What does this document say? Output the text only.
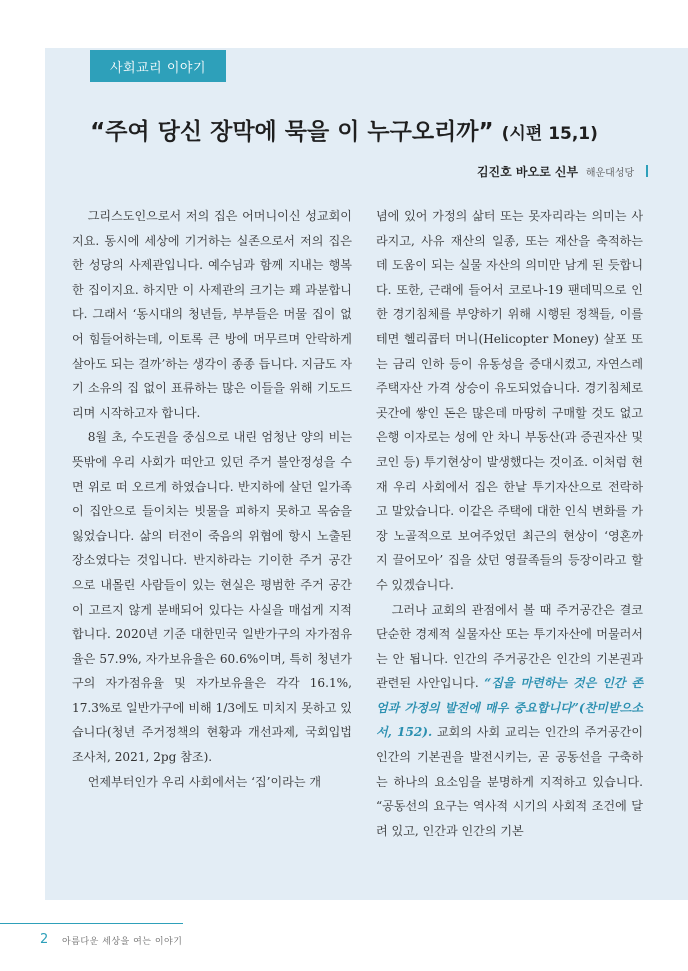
사회교리 이야기
“주여 당신 장막에 묵을 이 누구오리까” (시편 15,1)
김진호 바오로 신부 해운대성당

그리스도인으로서 저의 집은 어머니이신 성교회이지요. 동시에 세상에 기거하는 실존으로서 저의 집은 한 성당의 사제관입니다. 예수님과 함께 지내는 행복한 집이지요. 하지만 이 사제관의 크기는 꽤 과분합니다. 그래서 ‘동시대의 청년들, 부부들은 머물 집이 없어 힘들어하는데, 이토록 큰 방에 머무르며 안락하게 살아도 되는 걸까’하는 생각이 종종 듭니다. 지금도 자기 소유의 집 없이 표류하는 많은 이들을 위해 기도드리며 시작하고자 합니다.

8월 초, 수도권을 중심으로 내린 엄청난 양의 비는 뜻밖에 우리 사회가 떠안고 있던 주거 불안정성을 수면 위로 떠 오르게 하였습니다. 반지하에 살던 일가족이 집안으로 들이치는 빗물을 피하지 못하고 목숨을 잃었습니다. 삶의 터전이 죽음의 위협에 항시 노출된 장소였다는 것입니다. 반지하라는 기이한 주거 공간으로 내몰린 사람들이 있는 현실은 평범한 주거 공간이 고르지 않게 분배되어 있다는 사실을 매섭게 지적합니다. 2020년 기준 대한민국 일반가구의 자가점유율은 57.9%, 자가보유율은 60.6%이며, 특히 청년가구의 자가점유율 및 자가보유율은 각각 16.1%, 17.3%로 일반가구에 비해 1/3에도 미치지 못하고 있습니다(청년 주거정책의 현황과 개선과제, 국회입법조사처, 2021, 2pg 참조).

언제부터인가 우리 사회에서는 ‘집’이라는 개

념에 있어 가정의 삶터 또는 못자리라는 의미는 사라지고, 사유 재산의 일종, 또는 재산을 축적하는 데 도움이 되는 실물 자산의 의미만 남게 된 듯합니다. 또한, 근래에 들어서 코로나-19 팬데믹으로 인한 경기침체를 부양하기 위해 시행된 정책들, 이를테면 헬리콥터 머니(Helicopter Money) 살포 또는 금리 인하 등이 유동성을 증대시켰고, 자연스레 주택자산 가격 상승이 유도되었습니다. 경기침체로 곳간에 쌓인 돈은 많은데 마땅히 구매할 것도 없고 은행 이자로는 성에 안 차니 부동산(과 증권자산 및 코인 등) 투기현상이 발생했다는 것이죠. 이처럼 현재 우리 사회에서 집은 한낱 투기자산으로 전락하고 말았습니다. 이같은 주택에 대한 인식 변화를 가장 노골적으로 보여주었던 최근의 현상이 ‘영혼까지 끌어모아’ 집을 샀던 영끌족들의 등장이라고 할 수 있겠습니다.

그러나 교회의 관점에서 볼 때 주거공간은 결코 단순한 경제적 실물자산 또는 투기자산에 머물러서는 안 됩니다. 인간의 주거공간은 인간의 기본권과 관련된 사안입니다. “집을 마련하는 것은 인간 존엄과 가정의 발전에 매우 중요합니다”(찬미받으소서, 152). 교회의 사회 교리는 인간의 주거공간이 인간의 기본권을 발전시키는, 곧 공동선을 구축하는 하나의 요소임을 분명하게 지적하고 있습니다. “공동선의 요구는 역사적 시기의 사회적 조건에 달려 있고, 인간과 인간의 기본

2 아름다운 세상을 여는 이야기
